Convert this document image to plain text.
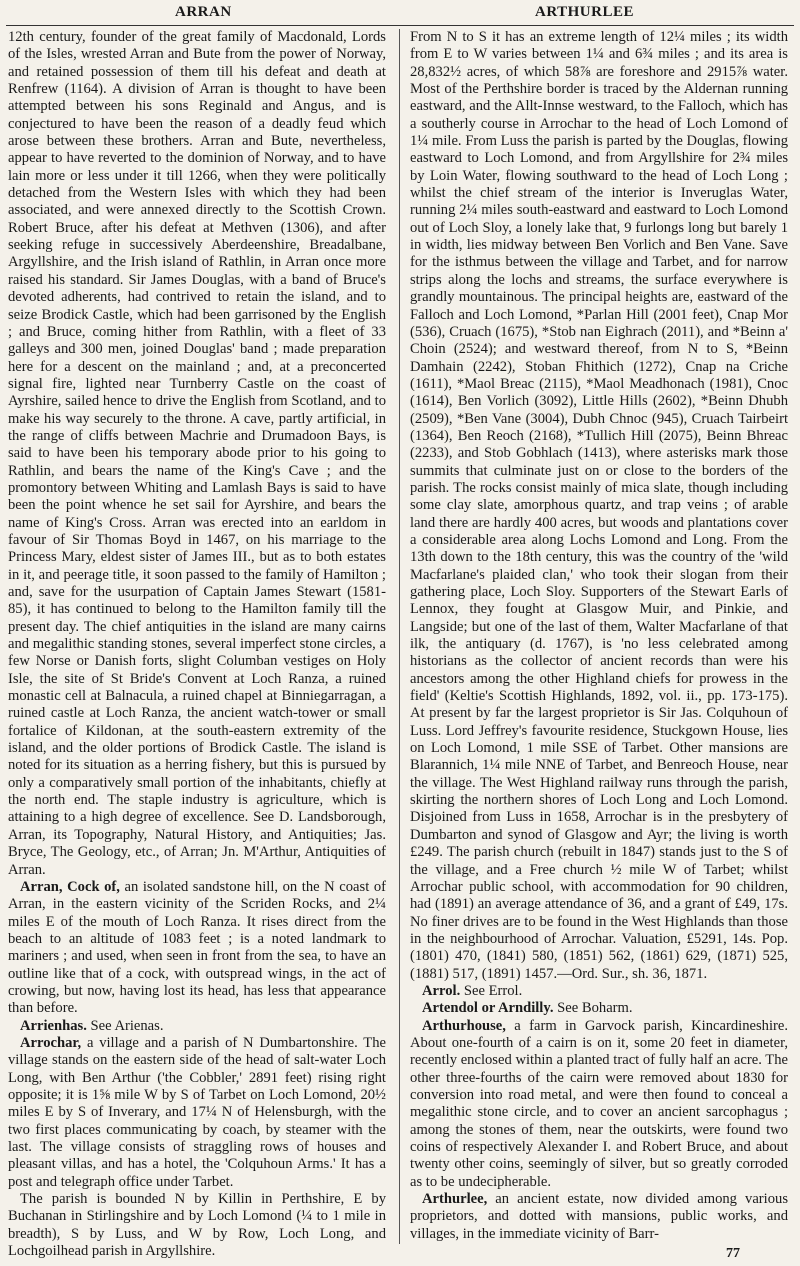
ARRAN	ARTHURLEE

12th century, founder of the great family of Macdonald, Lords of the Isles, wrested Arran and Bute from the power of Norway, and retained possession of them till his defeat and death at Renfrew (1164). A division of Arran is thought to have been attempted between his sons Reginald and Angus, and is conjectured to have been the reason of a deadly feud which arose between these brothers. Arran and Bute, nevertheless, appear to have reverted to the dominion of Norway, and to have lain more or less under it till 1266, when they were politically detached from the Western Isles with which they had been associated, and were annexed directly to the Scottish Crown. Robert Bruce, after his defeat at Methven (1306), and after seeking refuge in successively Aberdeenshire, Breadalbane, Argyllshire, and the Irish island of Rathlin, in Arran once more raised his standard. Sir James Douglas, with a band of Bruce's devoted adherents, had contrived to retain the island, and to seize Brodick Castle, which had been garrisoned by the English ; and Bruce, coming hither from Rathlin, with a fleet of 33 galleys and 300 men, joined Douglas' band ; made preparation here for a descent on the mainland ; and, at a preconcerted signal fire, lighted near Turnberry Castle on the coast of Ayrshire, sailed hence to drive the English from Scotland, and to make his way securely to the throne. A cave, partly artificial, in the range of cliffs between Machrie and Drumadoon Bays, is said to have been his temporary abode prior to his going to Rathlin, and bears the name of the King's Cave ; and the promontory between Whiting and Lamlash Bays is said to have been the point whence he set sail for Ayrshire, and bears the name of King's Cross. Arran was erected into an earldom in favour of Sir Thomas Boyd in 1467, on his marriage to the Princess Mary, eldest sister of James III., but as to both estates in it, and peerage title, it soon passed to the family of Hamilton ; and, save for the usurpation of Captain James Stewart (1581-85), it has continued to belong to the Hamilton family till the present day. The chief antiquities in the island are many cairns and megalithic standing stones, several imperfect stone circles, a few Norse or Danish forts, slight Columban vestiges on Holy Isle, the site of St Bride's Convent at Loch Ranza, a ruined monastic cell at Balnacula, a ruined chapel at Binniegarragan, a ruined castle at Loch Ranza, the ancient watch-tower or small fortalice of Kildonan, at the south-eastern extremity of the island, and the older portions of Brodick Castle. The island is noted for its situation as a herring fishery, but this is pursued by only a comparatively small portion of the inhabitants, chiefly at the north end. The staple industry is agriculture, which is attaining to a high degree of excellence. See D. Landsborough, Arran, its Topography, Natural History, and Antiquities; Jas. Bryce, The Geology, etc., of Arran; Jn. M'Arthur, Antiquities of Arran.

Arran, Cock of, an isolated sandstone hill, on the N coast of Arran, in the eastern vicinity of the Scriden Rocks, and 2¼ miles E of the mouth of Loch Ranza. It rises direct from the beach to an altitude of 1083 feet ; is a noted landmark to mariners ; and used, when seen in front from the sea, to have an outline like that of a cock, with outspread wings, in the act of crowing, but now, having lost its head, has less that appearance than before.

Arrienhas. See Arienas.

Arrochar, a village and a parish of N Dumbartonshire. The village stands on the eastern side of the head of salt-water Loch Long, with Ben Arthur ('the Cobbler,' 2891 feet) rising right opposite; it is 1⅝ mile W by S of Tarbet on Loch Lomond, 20½ miles E by S of Inverary, and 17¼ N of Helensburgh, with the two first places communicating by coach, by steamer with the last. The village consists of straggling rows of houses and pleasant villas, and has a hotel, the 'Colquhoun Arms.' It has a post and telegraph office under Tarbet.

The parish is bounded N by Killin in Perthshire, E by Buchanan in Stirlingshire and by Loch Lomond (¼ to 1 mile in breadth), S by Luss, and W by Row, Loch Long, and Lochgoilhead parish in Argyllshire.

From N to S it has an extreme length of 12¼ miles ; its width from E to W varies between 1¼ and 6¾ miles ; and its area is 28,832½ acres, of which 58⅞ are foreshore and 2915⅞ water. Most of the Perthshire border is traced by the Aldernan running eastward, and the Allt-Innse westward, to the Falloch, which has a southerly course in Arrochar to the head of Loch Lomond of 1¼ mile. From Luss the parish is parted by the Douglas, flowing eastward to Loch Lomond, and from Argyllshire for 2¾ miles by Loin Water, flowing southward to the head of Loch Long ; whilst the chief stream of the interior is Inveruglas Water, running 2¼ miles south-eastward and eastward to Loch Lomond out of Loch Sloy, a lonely lake that, 9 furlongs long but barely 1 in width, lies midway between Ben Vorlich and Ben Vane. Save for the isthmus between the village and Tarbet, and for narrow strips along the lochs and streams, the surface everywhere is grandly mountainous. The principal heights are, eastward of the Falloch and Loch Lomond, *Parlan Hill (2001 feet), Cnap Mor (536), Cruach (1675), *Stob nan Eighrach (2011), and *Beinn a' Choin (2524); and westward thereof, from N to S, *Beinn Damhain (2242), Stoban Fhithich (1272), Cnap na Criche (1611), *Maol Breac (2115), *Maol Meadhonach (1981), Cnoc (1614), Ben Vorlich (3092), Little Hills (2602), *Beinn Dhubh (2509), *Ben Vane (3004), Dubh Chnoc (945), Cruach Tairbeirt (1364), Ben Reoch (2168), *Tullich Hill (2075), Beinn Bhreac (2233), and Stob Gobhlach (1413), where asterisks mark those summits that culminate just on or close to the borders of the parish. The rocks consist mainly of mica slate, though including some clay slate, amorphous quartz, and trap veins ; of arable land there are hardly 400 acres, but woods and plantations cover a considerable area along Lochs Lomond and Long. From the 13th down to the 18th century, this was the country of the 'wild Macfarlane's plaided clan,' who took their slogan from their gathering place, Loch Sloy. Supporters of the Stewart Earls of Lennox, they fought at Glasgow Muir, and Pinkie, and Langside; but one of the last of them, Walter Macfarlane of that ilk, the antiquary (d. 1767), is 'no less celebrated among historians as the collector of ancient records than were his ancestors among the other Highland chiefs for prowess in the field' (Keltie's Scottish Highlands, 1892, vol. ii., pp. 173-175). At present by far the largest proprietor is Sir Jas. Colquhoun of Luss. Lord Jeffrey's favourite residence, Stuckgown House, lies on Loch Lomond, 1 mile SSE of Tarbet. Other mansions are Blarannich, 1¼ mile NNE of Tarbet, and Benreoch House, near the village. The West Highland railway runs through the parish, skirting the northern shores of Loch Long and Loch Lomond. Disjoined from Luss in 1658, Arrochar is in the presbytery of Dumbarton and synod of Glasgow and Ayr; the living is worth £249. The parish church (rebuilt in 1847) stands just to the S of the village, and a Free church ½ mile W of Tarbet; whilst Arrochar public school, with accommodation for 90 children, had (1891) an average attendance of 36, and a grant of £49, 17s. No finer drives are to be found in the West Highlands than those in the neighbourhood of Arrochar. Valuation, £5291, 14s. Pop. (1801) 470, (1841) 580, (1851) 562, (1861) 629, (1871) 525, (1881) 517, (1891) 1457.—Ord. Sur., sh. 36, 1871.

Arrol. See Errol.

Artendol or Arndilly. See Boharm.

Arthurhouse, a farm in Garvock parish, Kincardineshire. About one-fourth of a cairn is on it, some 20 feet in diameter, recently enclosed within a planted tract of fully half an acre. The other three-fourths of the cairn were removed about 1830 for conversion into road metal, and were then found to conceal a megalithic stone circle, and to cover an ancient sarcophagus ; among the stones of them, near the outskirts, were found two coins of respectively Alexander I. and Robert Bruce, and about twenty other coins, seemingly of silver, but so greatly corroded as to be undecipherable.

Arthurlee, an ancient estate, now divided among various proprietors, and dotted with mansions, public works, and villages, in the immediate vicinity of Barr-

77
